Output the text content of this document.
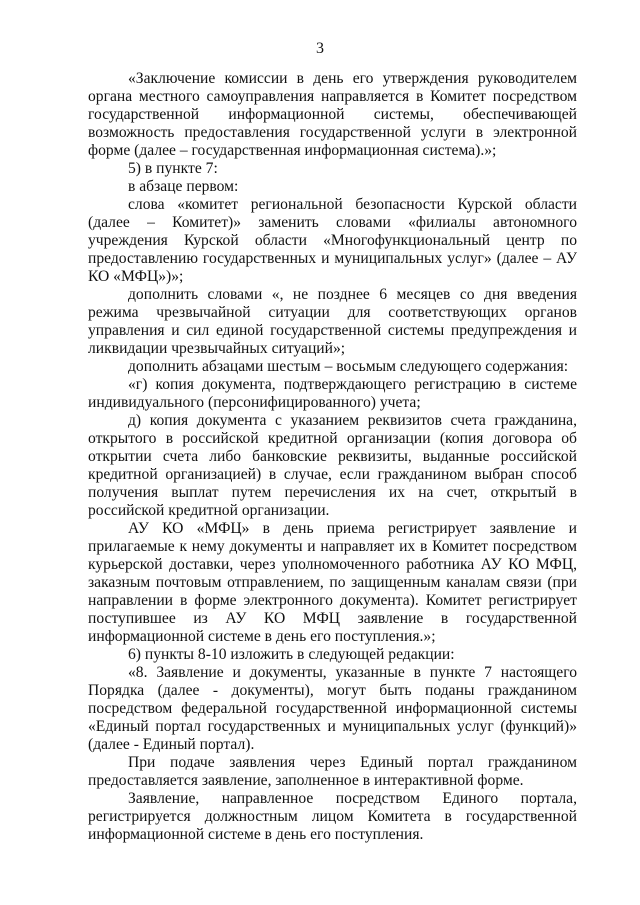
3

«Заключение комиссии в день его утверждения руководителем органа местного самоуправления направляется в Комитет посредством государственной информационной системы, обеспечивающей возможность предоставления государственной услуги в электронной форме (далее – государственная информационная система).»;

5) в пункте 7:

в абзаце первом:

слова «комитет региональной безопасности Курской области (далее – Комитет)» заменить словами «филиалы автономного учреждения Курской области «Многофункциональный центр по предоставлению государственных и муниципальных услуг» (далее – АУ КО «МФЦ»)»;

дополнить словами «, не позднее 6 месяцев со дня введения режима чрезвычайной ситуации для соответствующих органов управления и сил единой государственной системы предупреждения и ликвидации чрезвычайных ситуаций»;

дополнить абзацами шестым – восьмым следующего содержания:

«г) копия документа, подтверждающего регистрацию в системе индивидуального (персонифицированного) учета;

д) копия документа с указанием реквизитов счета гражданина, открытого в российской кредитной организации (копия договора об открытии счета либо банковские реквизиты, выданные российской кредитной организацией) в случае, если гражданином выбран способ получения выплат путем перечисления их на счет, открытый в российской кредитной организации.

АУ КО «МФЦ» в день приема регистрирует заявление и прилагаемые к нему документы и направляет их в Комитет посредством курьерской доставки, через уполномоченного работника АУ КО МФЦ, заказным почтовым отправлением, по защищенным каналам связи (при направлении в форме электронного документа). Комитет регистрирует поступившее из АУ КО МФЦ заявление в государственной информационной системе в день его поступления.»;

6) пункты 8-10 изложить в следующей редакции:

«8. Заявление и документы, указанные в пункте 7 настоящего Порядка (далее - документы), могут быть поданы гражданином посредством федеральной государственной информационной системы «Единый портал государственных и муниципальных услуг (функций)» (далее - Единый портал).

При подаче заявления через Единый портал гражданином предоставляется заявление, заполненное в интерактивной форме.

Заявление, направленное посредством Единого портала, регистрируется должностным лицом Комитета в государственной информационной системе в день его поступления.
